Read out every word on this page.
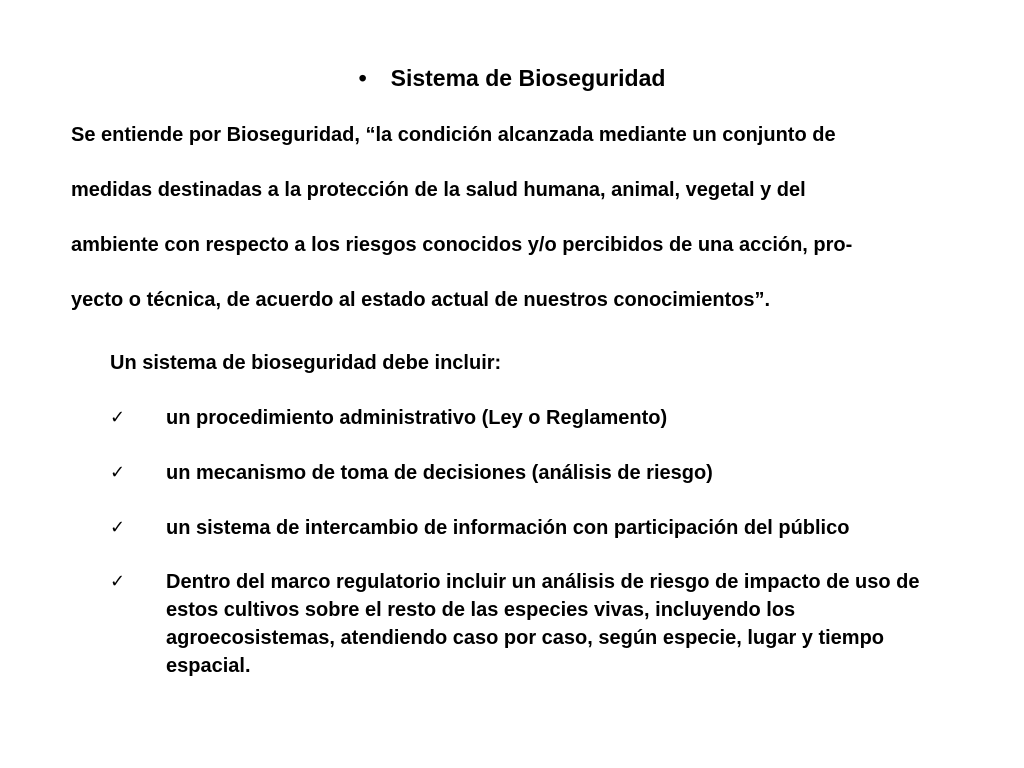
• Sistema de Bioseguridad
Se entiende por Bioseguridad, “la condición alcanzada mediante un conjunto de
medidas destinadas a la protección de la salud humana, animal, vegetal y del
ambiente con respecto a los riesgos conocidos y/o percibidos de una acción, pro-
yecto o técnica, de acuerdo al estado actual de nuestros conocimientos”.
Un sistema de bioseguridad debe incluir:
✓	un procedimiento administrativo (Ley o Reglamento)
✓	un mecanismo de toma de decisiones (análisis de riesgo)
✓	un sistema de intercambio de información con participación del público
✓	Dentro del marco regulatorio incluir un análisis de riesgo de impacto de uso de estos cultivos sobre el resto de las especies vivas, incluyendo los agroecosistemas, atendiendo caso por caso, según especie, lugar y tiempo espacial.
